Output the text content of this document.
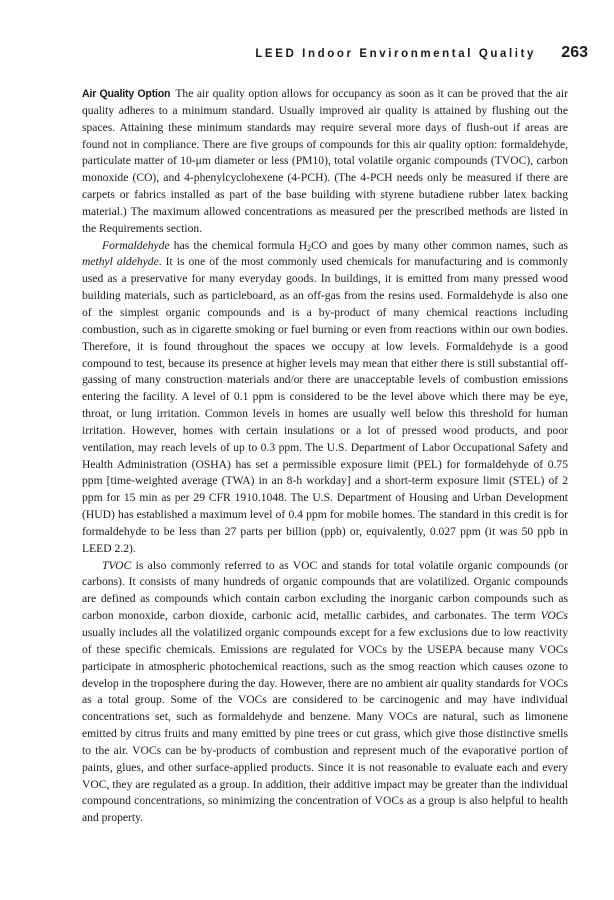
LEED Indoor Environmental Quality 263

Air Quality Option The air quality option allows for occupancy as soon as it can be proved that the air quality adheres to a minimum standard. Usually improved air quality is attained by flushing out the spaces. Attaining these minimum standards may require several more days of flush-out if areas are found not in compliance. There are five groups of compounds for this air quality option: formaldehyde, particulate matter of 10-μm diameter or less (PM10), total volatile organic compounds (TVOC), carbon monoxide (CO), and 4-phenylcyclohexene (4-PCH). (The 4-PCH needs only be measured if there are carpets or fabrics installed as part of the base building with styrene butadiene rubber latex backing material.) The maximum allowed concentrations as measured per the prescribed methods are listed in the Requirements section.

Formaldehyde has the chemical formula $H_2CO$ and goes by many other common names, such as methyl aldehyde. It is one of the most commonly used chemicals for manufacturing and is commonly used as a preservative for many everyday goods. In buildings, it is emitted from many pressed wood building materials, such as particleboard, as an off-gas from the resins used. Formaldehyde is also one of the simplest organic compounds and is a by-product of many chemical reactions including combustion, such as in cigarette smoking or fuel burning or even from reactions within our own bodies. Therefore, it is found throughout the spaces we occupy at low levels. Formaldehyde is a good compound to test, because its presence at higher levels may mean that either there is still substantial off-gassing of many construction materials and/or there are unacceptable levels of combustion emissions entering the facility. A level of 0.1 ppm is considered to be the level above which there may be eye, throat, or lung irritation. Common levels in homes are usually well below this threshold for human irritation. However, homes with certain insulations or a lot of pressed wood products, and poor ventilation, may reach levels of up to 0.3 ppm. The U.S. Department of Labor Occupational Safety and Health Administration (OSHA) has set a permissible exposure limit (PEL) for formaldehyde of 0.75 ppm [time-weighted average (TWA) in an 8-h workday] and a short-term exposure limit (STEL) of 2 ppm for 15 min as per 29 CFR 1910.1048. The U.S. Department of Housing and Urban Development (HUD) has established a maximum level of 0.4 ppm for mobile homes. The standard in this credit is for formaldehyde to be less than 27 parts per billion (ppb) or, equivalently, 0.027 ppm (it was 50 ppb in LEED 2.2).

TVOC is also commonly referred to as VOC and stands for total volatile organic compounds (or carbons). It consists of many hundreds of organic compounds that are volatilized. Organic compounds are defined as compounds which contain carbon excluding the inorganic carbon compounds such as carbon monoxide, carbon dioxide, carbonic acid, metallic carbides, and carbonates. The term VOCs usually includes all the volatilized organic compounds except for a few exclusions due to low reactivity of these specific chemicals. Emissions are regulated for VOCs by the USEPA because many VOCs participate in atmospheric photochemical reactions, such as the smog reaction which causes ozone to develop in the troposphere during the day. However, there are no ambient air quality standards for VOCs as a total group. Some of the VOCs are considered to be carcinogenic and may have individual concentrations set, such as formaldehyde and benzene. Many VOCs are natural, such as limonene emitted by citrus fruits and many emitted by pine trees or cut grass, which give those distinctive smells to the air. VOCs can be by-products of combustion and represent much of the evaporative portion of paints, glues, and other surface-applied products. Since it is not reasonable to evaluate each and every VOC, they are regulated as a group. In addition, their additive impact may be greater than the individual compound concentrations, so minimizing the concentration of VOCs as a group is also helpful to health and property.
